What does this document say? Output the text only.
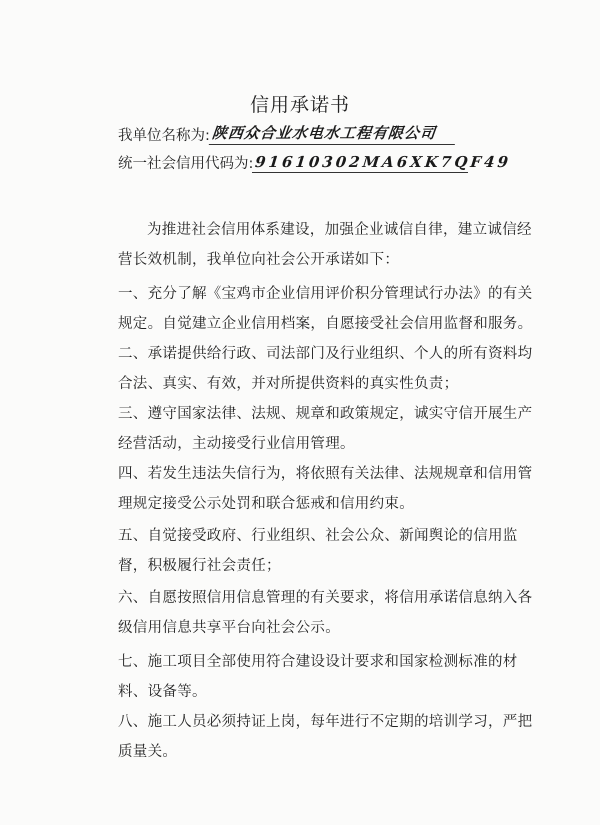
信用承诺书
我单位名称为:陕西众合业水电水工程有限公司
统一社会信用代码为:91610302MA6XK7QF49
为推进社会信用体系建设，加强企业诚信自律，建立诚信经营长效机制，我单位向社会公开承诺如下：
一、充分了解《宝鸡市企业信用评价积分管理试行办法》的有关规定。自觉建立企业信用档案，自愿接受社会信用监督和服务。
二、承诺提供给行政、司法部门及行业组织、个人的所有资料均合法、真实、有效，并对所提供资料的真实性负责；
三、遵守国家法律、法规、规章和政策规定，诚实守信开展生产经营活动，主动接受行业信用管理。
四、若发生违法失信行为，将依照有关法律、法规规章和信用管理规定接受公示处罚和联合惩戒和信用约束。
五、自觉接受政府、行业组织、社会公众、新闻舆论的信用监督，积极履行社会责任；
六、自愿按照信用信息管理的有关要求，将信用承诺信息纳入各级信用信息共享平台向社会公示。
七、施工项目全部使用符合建设设计要求和国家检测标准的材料、设备等。
八、施工人员必须持证上岗，每年进行不定期的培训学习，严把质量关。
